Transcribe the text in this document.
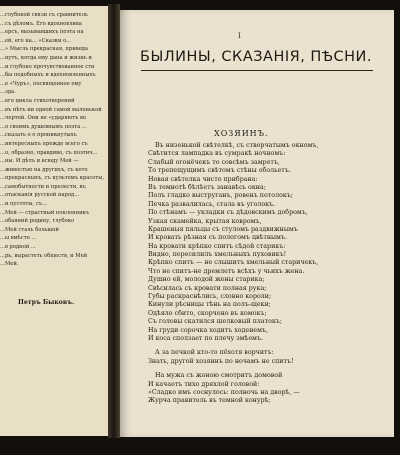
...глубокой связи съ сравнитель
...съ дѣломъ. Его вдохновлива
...ерсъ, вызывавшихъ поэта на
...ей, его на... «Сказки о...
...» Мысль прекрасная, приведа
...нутъ, когда ему дана и жизнь и
...и глубоко прочувствованное сти
...бы подобныхъ и вдохновленныхъ
...е «Чуръ», посвященное ему
...зда.
...его цикла стихотворений
...въ нѣтъ ни одной самой маленькой
...чертой. Они не «ударяютъ во
...о своимъ душевнымъ поэта ...
...сказать о о проникнутыхъ
...интересныхъ прежде всего съ
...о, образно, правдиво, съ поэтич...
...ны. И дѣлъ и всюду Мей —
...живостью на другихъ, съ кото
...прекрасныхъ, съ культомъ красоты,
...самобытности и прелести, въ
...отысканія русской народ...
...и пустоты, съ...
...Мей — страстный поклонникъ
...обаяний родину, глубоко
...Мей сталь большой
...ы вмѣсто ...
...в родной ...
...рь, вырастеть обществ, и Мей
...Мей.
Петръ Быковъ.
I
БЫЛИНЫ, СКАЗАНІЯ, ПѢСНИ.
ХОЗЯИНЪ.
Въ низенькой свѣтелкѣ, съ створчатымъ окномъ,
Свѣтится лампадка въ сумракѣ ночномъ:
Слабый огонёчекъ то совсѣмъ замретъ,
То трепещущимъ свѣтомъ стѣны обольетъ.
Новая свѣтелка чисто прибрана:
Въ темнотѣ бѣлѣетъ занавѣсь окна;
Полъ гладко выструганъ, ровенъ потолокъ;
Печка развалилась, стала въ уголокъ.
По стѣнамъ — укладки съ дѣдовскимъ добромъ,
Узкая скамейка, крытая ковромъ,
Крашеныя пяльцы съ стуломъ раздвижнымъ
И кровать рѣзная съ пологомъ цвѣтнымъ.
На кровати крѣпко спитъ сѣдой старикъ:
Видно, пересилилъ хмельныхъ пуховикъ!
Крѣпко спитъ — не слышитъ хмельный старичекъ,
Что не спитъ-не дремлетъ всѣхъ у чьихъ жена.
Душно ей, молодой жены старика;
Свѣсилась съ кровати полная рука;
Губы раскраснѣлись, словно короли;
Кинули рѣсницы тѣнь на полъ-щеки;
Одѣяло сбито, скорчено въ комокъ;
Съ головы скатился шелковый платокъ;
На груди сорочка ходитъ ходенемъ,
И коса сползает по плечу змѣемъ.
А за печкой кто-то пёхотя ворчитъ:
Знать, другой хозяинъ по ночамъ не спитъ!
На мужа съ жоною смотритъ домовой
И качаетъ тихо дряхлой головой:
«Сладко имъ соснулось: полночь на дворѣ, —
Журча правитель въ темной конурѣ;
